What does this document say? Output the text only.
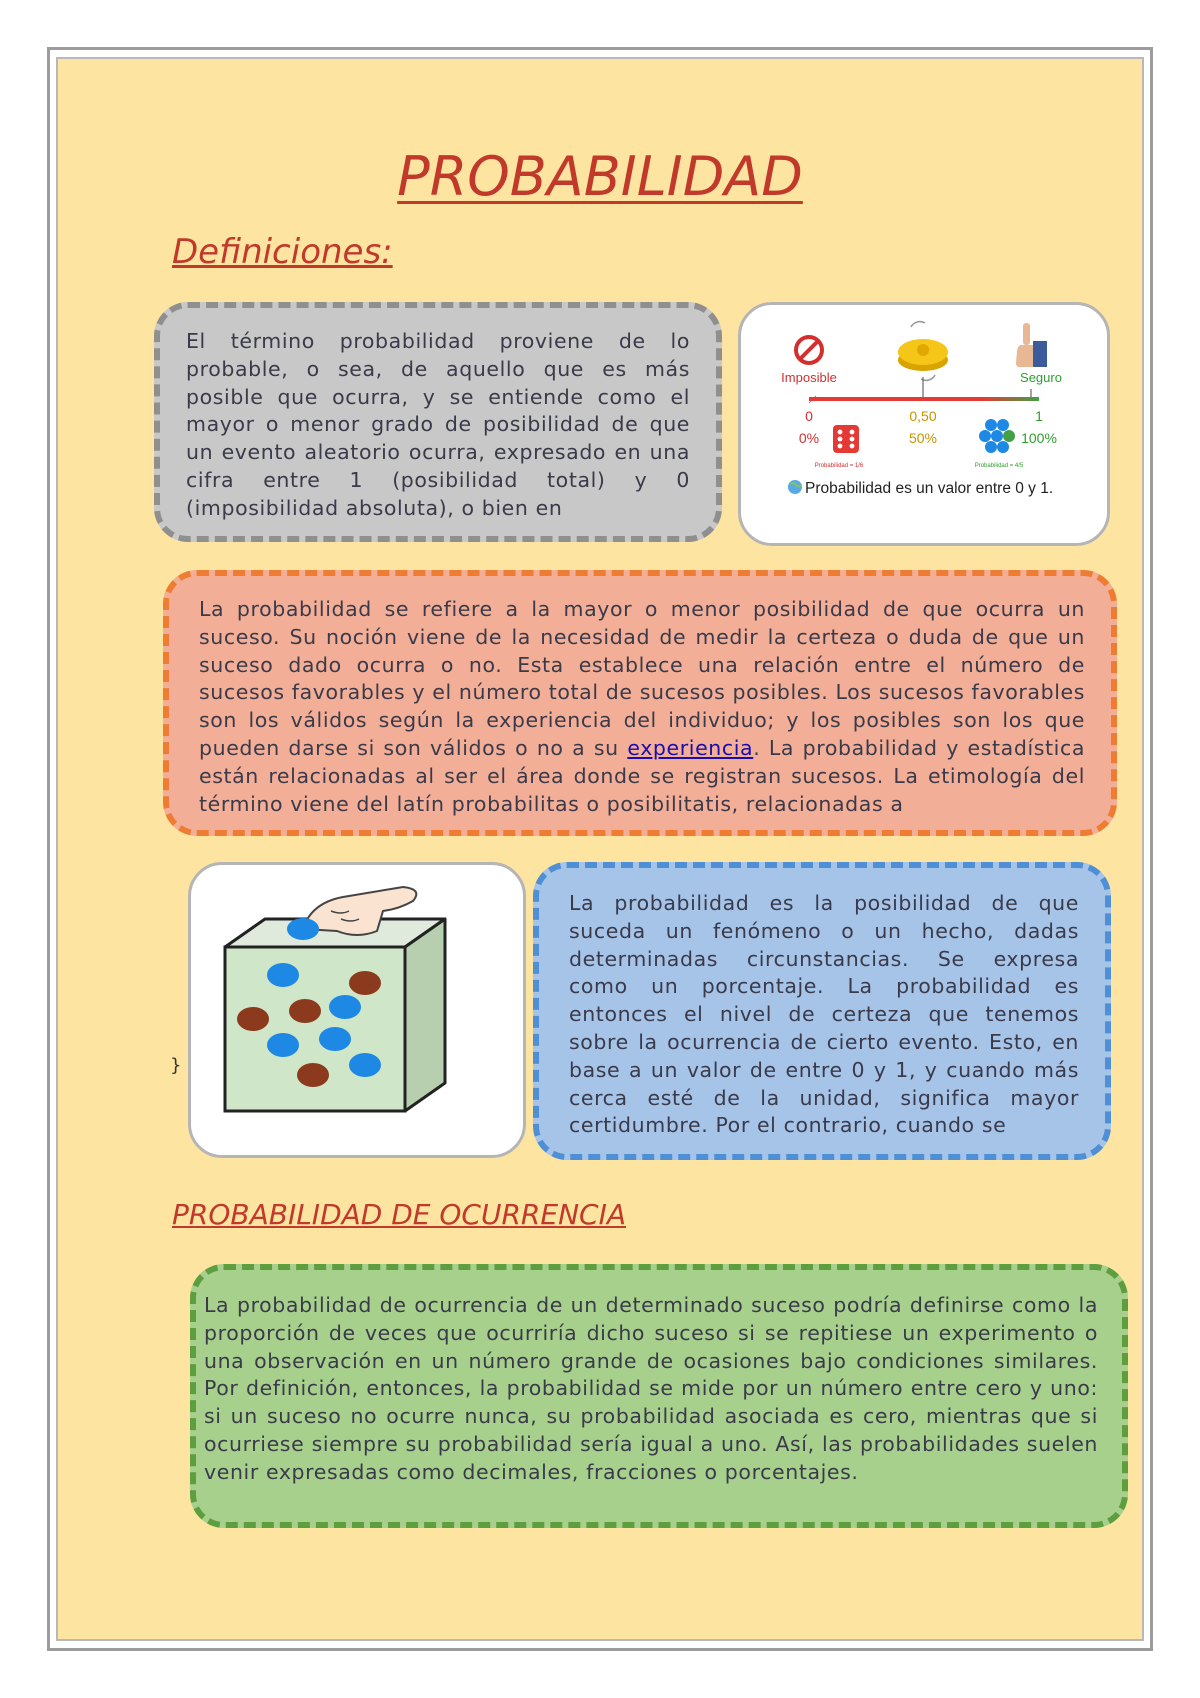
PROBABILIDAD
Definiciones:

El término probabilidad proviene de lo probable, o sea, de aquello que es más posible que ocurra, y se entiende como el mayor o menor grado de posibilidad de que un evento aleatorio ocurra, expresado en una cifra entre 1 (posibilidad total) y 0 (imposibilidad absoluta), o bien en

Imposible	Seguro
0	0,50	1
0%	50%	100%
Probabilidad = 1/6	Probabilidad = 4/5
Probabilidad es un valor entre 0 y 1.

La probabilidad se refiere a la mayor o menor posibilidad de que ocurra un suceso. Su noción viene de la necesidad de medir la certeza o duda de que un suceso dado ocurra o no. Esta establece una relación entre el número de sucesos favorables y el número total de sucesos posibles. Los sucesos favorables son los válidos según la experiencia del individuo; y los posibles son los que pueden darse si son válidos o no a su experiencia. La probabilidad y estadística están relacionadas al ser el área donde se registran sucesos. La etimología del término viene del latín probabilitas o posibilitatis, relacionadas a

}

La probabilidad es la posibilidad de que suceda un fenómeno o un hecho, dadas determinadas circunstancias. Se expresa como un porcentaje. La probabilidad es entonces el nivel de certeza que tenemos sobre la ocurrencia de cierto evento. Esto, en base a un valor de entre 0 y 1, y cuando más cerca esté de la unidad, significa mayor certidumbre. Por el contrario, cuando se

PROBABILIDAD DE OCURRENCIA

La probabilidad de ocurrencia de un determinado suceso podría definirse como la proporción de veces que ocurriría dicho suceso si se repitiese un experimento o una observación en un número grande de ocasiones bajo condiciones similares. Por definición, entonces, la probabilidad se mide por un número entre cero y uno: si un suceso no ocurre nunca, su probabilidad asociada es cero, mientras que si ocurriese siempre su probabilidad sería igual a uno. Así, las probabilidades suelen venir expresadas como decimales, fracciones o porcentajes.
